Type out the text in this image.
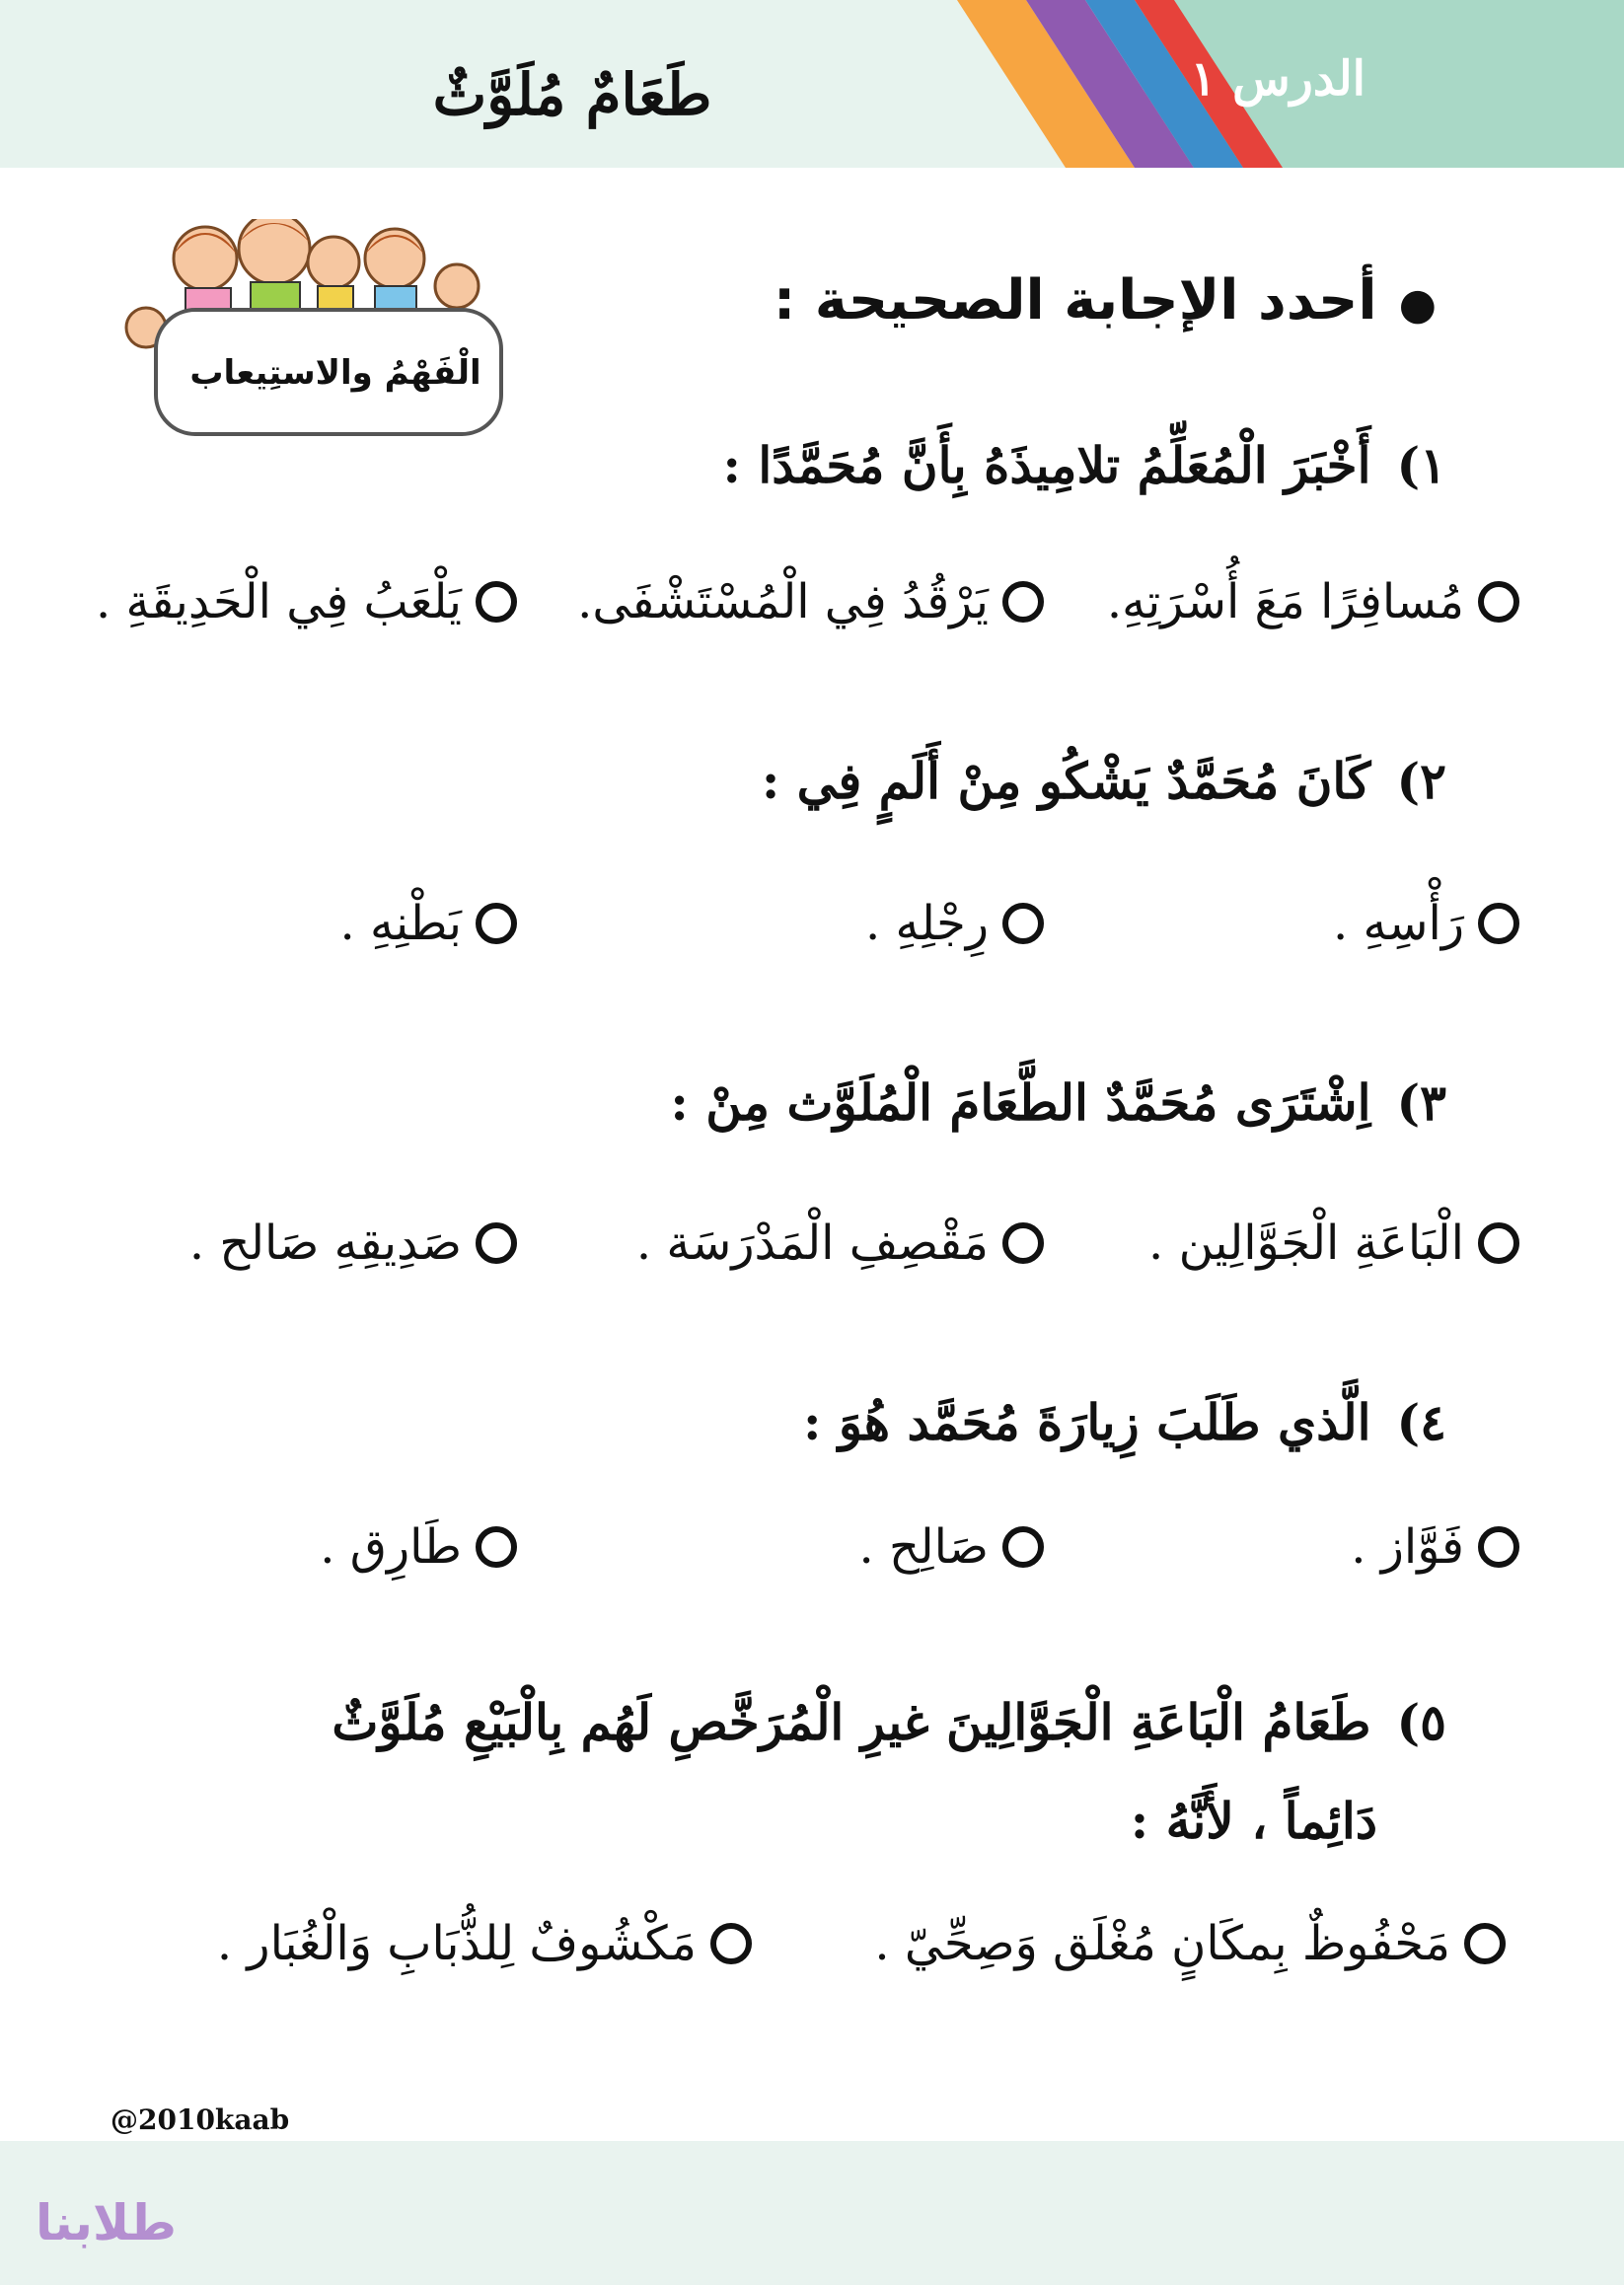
الدرس ١
طَعَامٌ مُلَوَّثٌ
الْفَهْمُ والاستِيعاب
●أحدد الإجابة الصحيحة :
١)أَخْبَرَ الْمُعَلِّمُ تلامِيذَهُ بِأَنَّ مُحَمَّدًا :
مُسافِرًا مَعَ أُسْرَتِهِ.
يَرْقُدُ فِي الْمُسْتَشْفَى.
يَلْعَبُ فِي الْحَدِيقَةِ .
٢)كَانَ مُحَمَّدٌ يَشْكُو مِنْ أَلَمٍ فِي :
رَأْسِهِ .
رِجْلِهِ .
بَطْنِهِ .
٣)اِشْتَرَى مُحَمَّدٌ الطَّعَامَ الْمُلَوَّث مِنْ :
الْبَاعَةِ الْجَوَّالِين .
مَقْصِفِ الْمَدْرَسَة .
صَدِيقِهِ صَالح .
٤)الَّذي طَلَبَ زِيارَةَ مُحَمَّد هُوَ :
فَوَّاز .
صَالِح .
طَارِق .
٥)طَعَامُ الْبَاعَةِ الْجَوَّالِينَ غيرِ الْمُرَخَّصِ لَهُم بِالْبَيْعِ مُلَوَّثٌ
دَائِماً ، لأَنَّهُ :
مَحْفُوظٌ بِمكَانٍ مُغْلَق وَصِحِّيّ .
مَكْشُوفٌ لِلذُّبَابِ وَالْغُبَار .
@2010kaab
طلابنا
